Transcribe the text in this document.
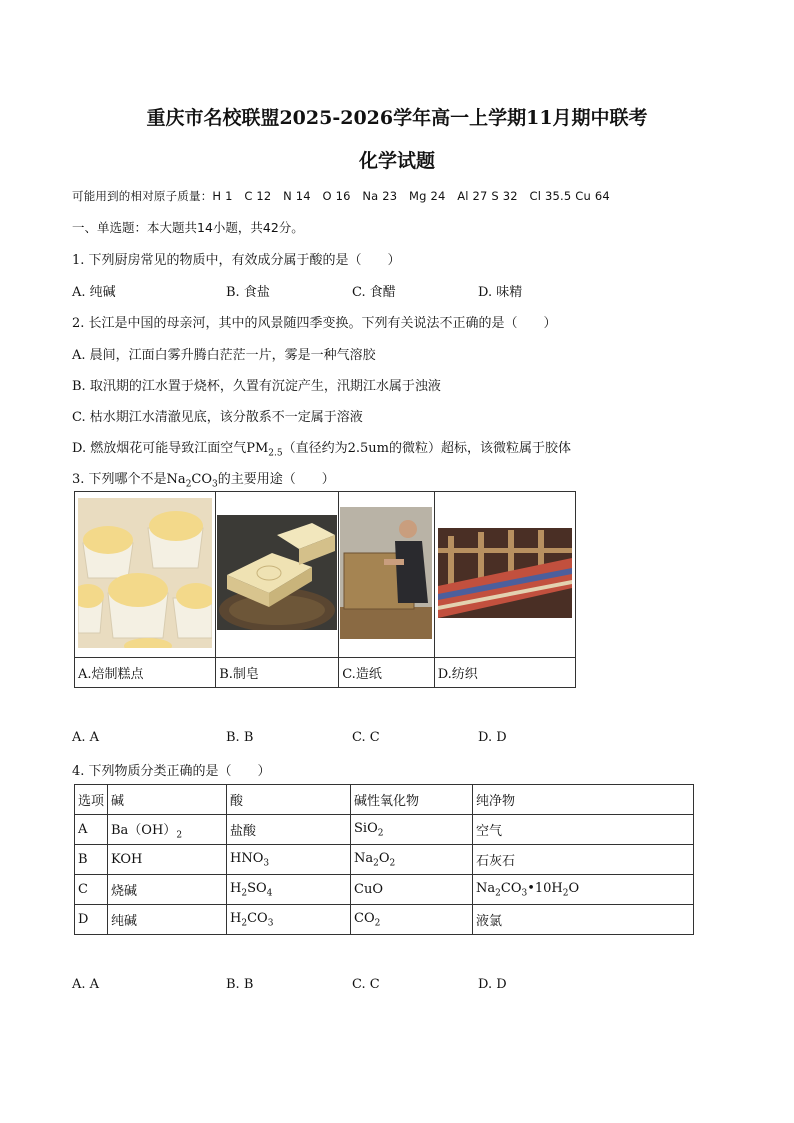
重庆市名校联盟2025-2026学年高一上学期11月期中联考
化学试题
可能用到的相对原子质量：H 1　C 12　N 14　O 16　Na 23　Mg 24　Al 27 S 32　Cl 35.5 Cu 64
一、单选题：本大题共14小题，共42分。
1. 下列厨房常见的物质中，有效成分属于酸的是（　　）
A. 纯碱	B. 食盐	C. 食醋	D. 味精
2. 长江是中国的母亲河，其中的风景随四季变换。下列有关说法不正确的是（　　）
A. 晨间，江面白雾升腾白茫茫一片，雾是一种气溶胶
B. 取汛期的江水置于烧杯，久置有沉淀产生，汛期江水属于浊液
C. 枯水期江水清澈见底，该分散系不一定属于溶液
D. 燃放烟花可能导致江面空气$PM_{2.5}$（直径约为2.5um的微粒）超标，该微粒属于胶体
3. 下列哪个不是$Na_2CO_3$的主要用途（　　）

A.焙制糕点	B.制皂	C.造纸	D.纺织
A. A	B. B	C. C	D. D
4. 下列物质分类正确的是（　　）
选项	碱	酸	碱性氧化物	纯净物
A	$Ba(OH)_2$	盐酸	SiO$_2$	空气
B	KOH	$HNO_3$	$Na_2O_2$	石灰石
C	烧碱	$H_2SO_4$	CuO	$Na_2CO_3•10H_2O$
D	纯碱	$H_2CO_3$	$CO_2$	液氯
A. A	B. B	C. C	D. D
